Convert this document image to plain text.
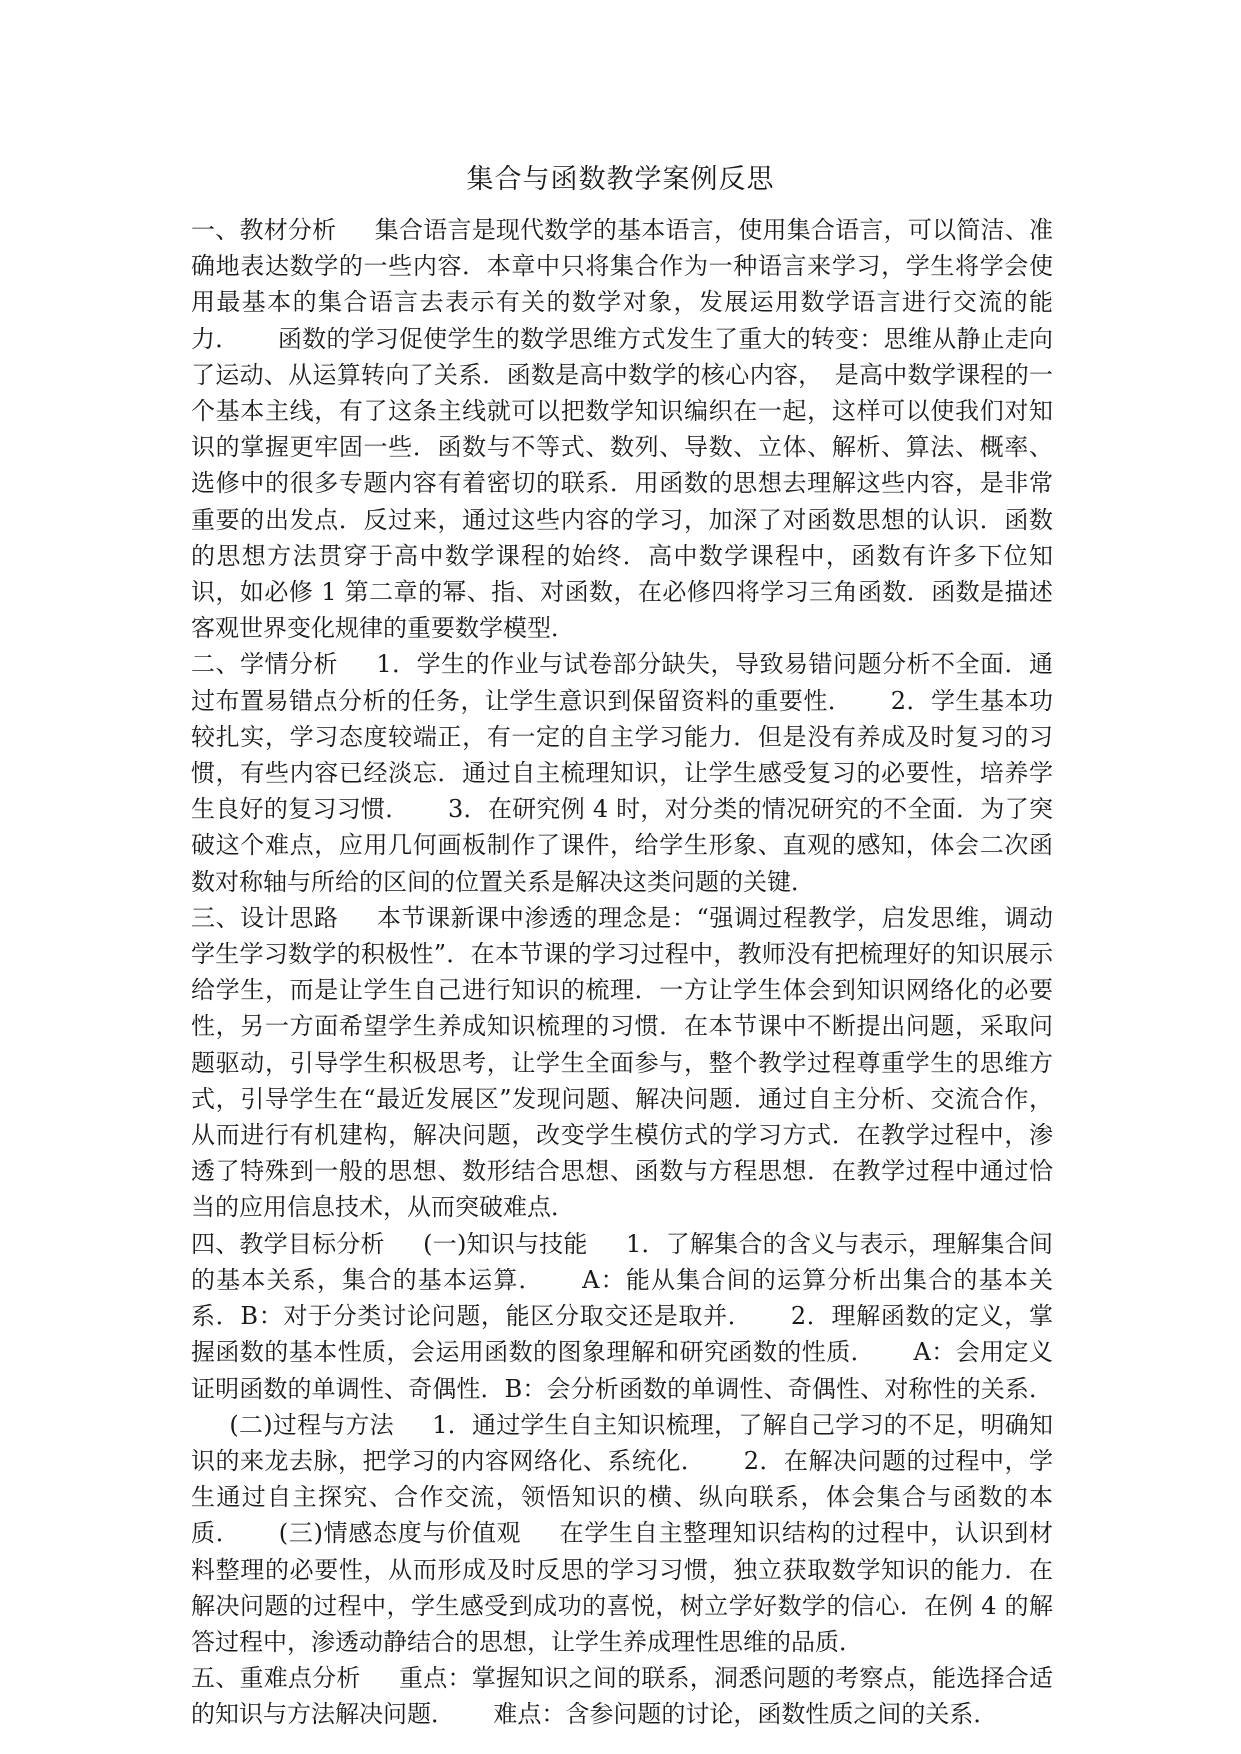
集合与函数教学案例反思

一、教材分析 集合语言是现代数学的基本语言，使用集合语言，可以简洁、准确地表达数学的一些内容．本章中只将集合作为一种语言来学习，学生将学会使用最基本的集合语言去表示有关的数学对象，发展运用数学语言进行交流的能力． 函数的学习促使学生的数学思维方式发生了重大的转变：思维从静止走向了运动、从运算转向了关系．函数是高中数学的核心内容，　是高中数学课程的一个基本主线，有了这条主线就可以把数学知识编织在一起，这样可以使我们对知识的掌握更牢固一些．函数与不等式、数列、导数、立体、解析、算法、概率、选修中的很多专题内容有着密切的联系．用函数的思想去理解这些内容，是非常重要的出发点．反过来，通过这些内容的学习，加深了对函数思想的认识．函数的思想方法贯穿于高中数学课程的始终．高中数学课程中，函数有许多下位知识，如必修 1 第二章的幂、指、对函数，在必修四将学习三角函数．函数是描述客观世界变化规律的重要数学模型．

二、学情分析 1．学生的作业与试卷部分缺失，导致易错问题分析不全面．通过布置易错点分析的任务，让学生意识到保留资料的重要性． 2．学生基本功较扎实，学习态度较端正，有一定的自主学习能力．但是没有养成及时复习的习惯，有些内容已经淡忘．通过自主梳理知识，让学生感受复习的必要性，培养学生良好的复习习惯． 3．在研究例 4 时，对分类的情况研究的不全面．为了突破这个难点，应用几何画板制作了课件，给学生形象、直观的感知，体会二次函数对称轴与所给的区间的位置关系是解决这类问题的关键．

三、设计思路 本节课新课中渗透的理念是：“强调过程教学，启发思维，调动学生学习数学的积极性”．在本节课的学习过程中，教师没有把梳理好的知识展示给学生，而是让学生自己进行知识的梳理．一方让学生体会到知识网络化的必要性，另一方面希望学生养成知识梳理的习惯．在本节课中不断提出问题，采取问题驱动，引导学生积极思考，让学生全面参与，整个教学过程尊重学生的思维方式，引导学生在“最近发展区”发现问题、解决问题．通过自主分析、交流合作，从而进行有机建构，解决问题，改变学生模仿式的学习方式．在教学过程中，渗透了特殊到一般的思想、数形结合思想、函数与方程思想．在教学过程中通过恰当的应用信息技术，从而突破难点．

四、教学目标分析 (一)知识与技能 1．了解集合的含义与表示，理解集合间的基本关系，集合的基本运算． A：能从集合间的运算分析出集合的基本关系．B：对于分类讨论问题，能区分取交还是取并． 2．理解函数的定义，掌握函数的基本性质，会运用函数的图象理解和研究函数的性质． A：会用定义证明函数的单调性、奇偶性．B：会分析函数的单调性、奇偶性、对称性的关系．(二)过程与方法 1．通过学生自主知识梳理，了解自己学习的不足，明确知识的来龙去脉，把学习的内容网络化、系统化． 2．在解决问题的过程中，学生通过自主探究、合作交流，领悟知识的横、纵向联系，体会集合与函数的本质． (三)情感态度与价值观 在学生自主整理知识结构的过程中，认识到材料整理的必要性，从而形成及时反思的学习习惯，独立获取数学知识的能力．在解决问题的过程中，学生感受到成功的喜悦，树立学好数学的信心．在例 4 的解答过程中，渗透动静结合的思想，让学生养成理性思维的品质．

五、重难点分析 重点：掌握知识之间的联系，洞悉问题的考察点，能选择合适的知识与方法解决问题． 难点：含参问题的讨论，函数性质之间的关系．
